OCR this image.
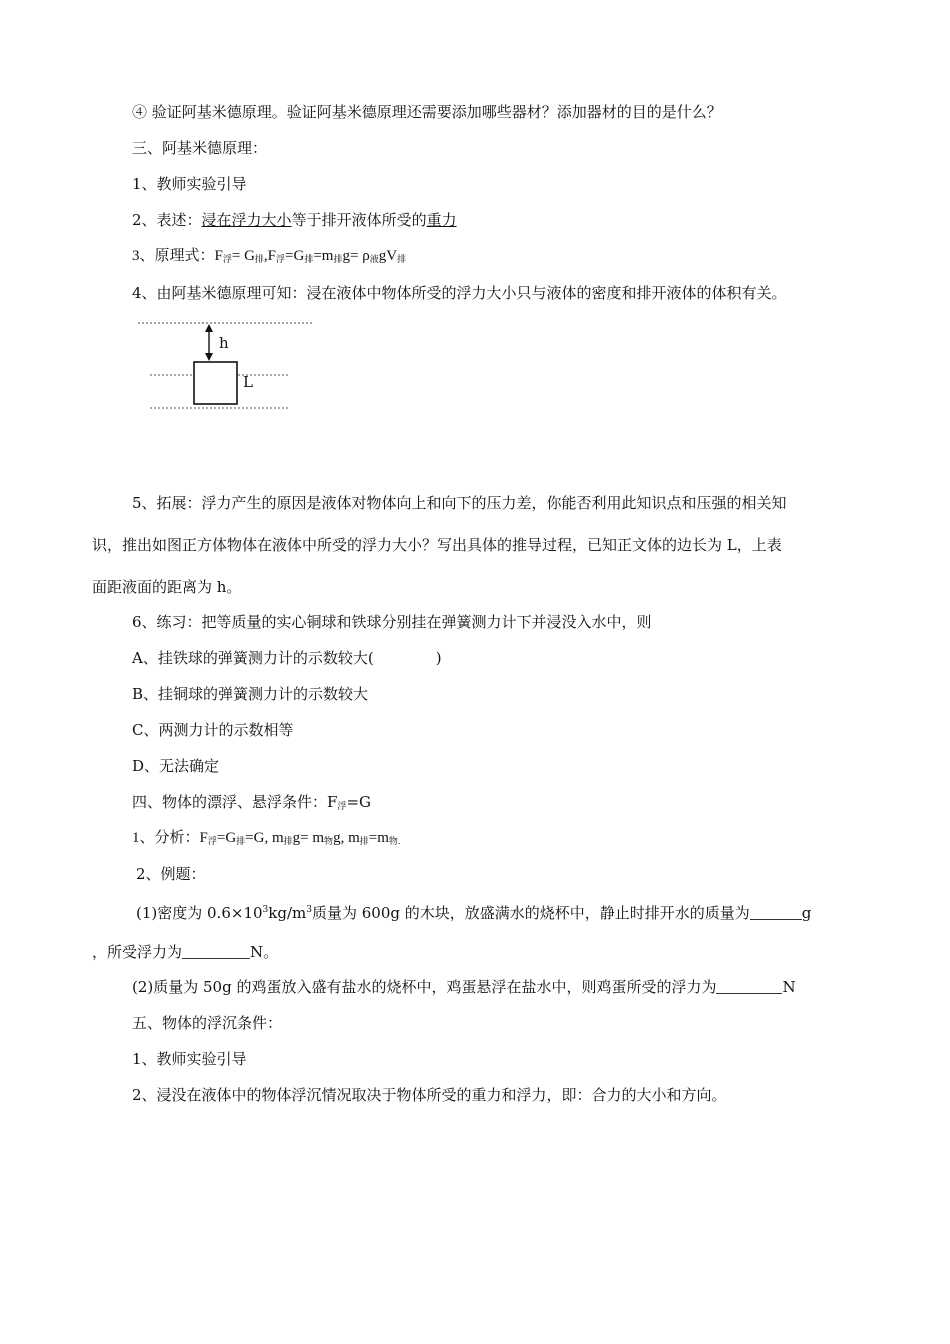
④ 验证阿基米德原理。验证阿基米德原理还需要添加哪些器材？添加器材的目的是什么？
三、阿基米德原理：
1、教师实验引导
2、表述：浸在浮力大小等于排开液体所受的重力
3、原理式：$F_浮= G_排,F_浮=G_排=m_排g= \rho_液gV_排$
4、由阿基米德原理可知：浸在液体中物体所受的浮力大小只与液体的密度和排开液体的体积有关。
h
L
5、拓展：浮力产生的原因是液体对物体向上和向下的压力差，你能否利用此知识点和压强的相关知
识，推出如图正方体物体在液体中所受的浮力大小？写出具体的推导过程，已知正文体的边长为 L，上表
面距液面的距离为 h。
6、练习：把等质量的实心铜球和铁球分别挂在弹簧测力计下并浸没入水中，则
A、挂铁球的弹簧测力计的示数较大(	)
B、挂铜球的弹簧测力计的示数较大
C、两测力计的示数相等
D、无法确定
四、物体的漂浮、悬浮条件：$F_浮=G$
1、分析：$F_浮=G_排=G$, $m_排g= m_物g$, $m_排=m_{物.}$
2、例题：
(1)密度为 $0.6\times 10^3kg/m^3$质量为 600g 的木块，放盛满水的烧杯中，静止时排开水的质量为	g
，所受浮力为	N。
(2)质量为 50g 的鸡蛋放入盛有盐水的烧杯中，鸡蛋悬浮在盐水中，则鸡蛋所受的浮力为	N
五、物体的浮沉条件：
1、教师实验引导
2、浸没在液体中的物体浮沉情况取决于物体所受的重力和浮力，即：合力的大小和方向。
